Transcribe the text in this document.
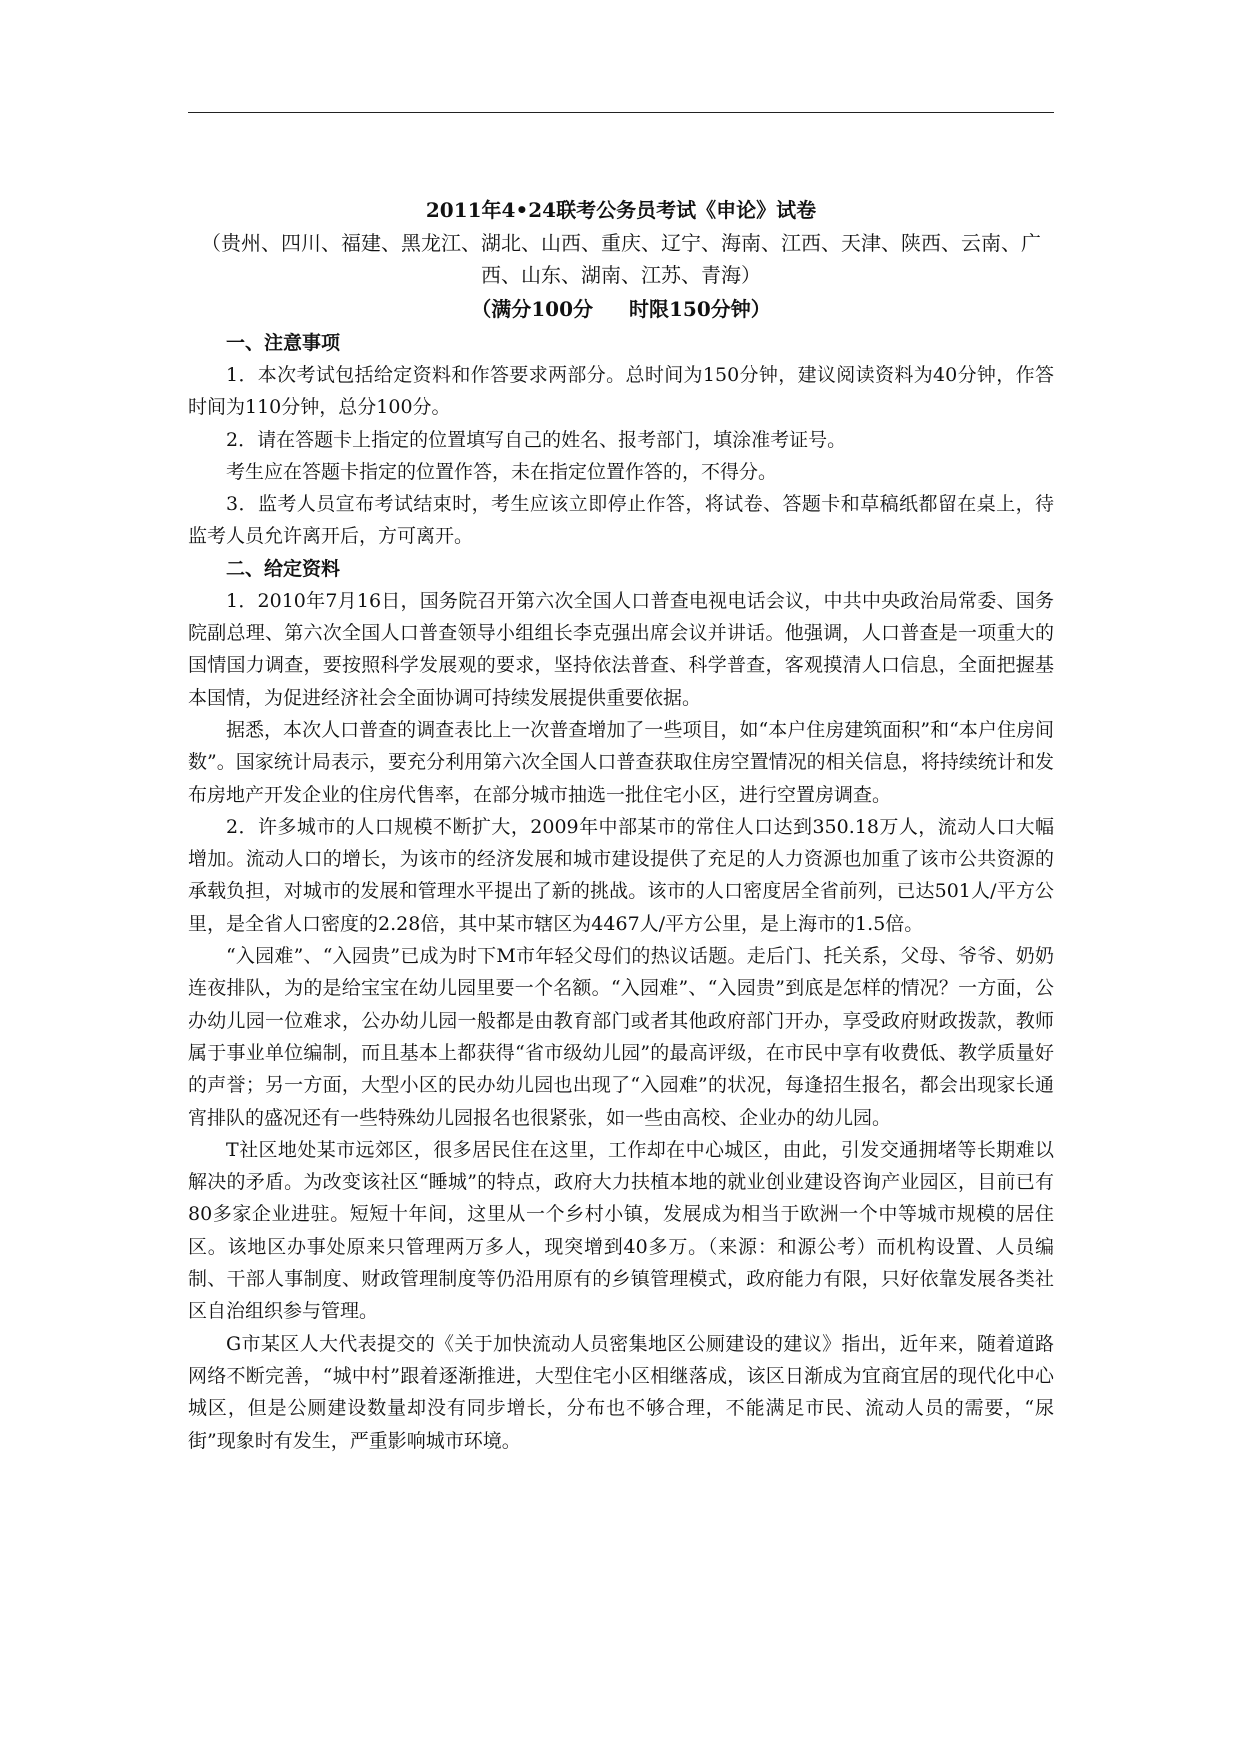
2011年4•24联考公务员考试《申论》试卷

（贵州、四川、福建、黑龙江、湖北、山西、重庆、辽宁、海南、江西、天津、陕西、云南、广西、山东、湖南、江苏、青海）

（满分100分 时限150分钟）

一、注意事项

1．本次考试包括给定资料和作答要求两部分。总时间为150分钟，建议阅读资料为40分钟，作答时间为110分钟，总分100分。

2．请在答题卡上指定的位置填写自己的姓名、报考部门，填涂准考证号。

考生应在答题卡指定的位置作答，未在指定位置作答的，不得分。

3．监考人员宣布考试结束时，考生应该立即停止作答，将试卷、答题卡和草稿纸都留在桌上，待监考人员允许离开后，方可离开。

二、给定资料

1．2010年7月16日，国务院召开第六次全国人口普查电视电话会议，中共中央政治局常委、国务院副总理、第六次全国人口普查领导小组组长李克强出席会议并讲话。他强调，人口普查是一项重大的国情国力调查，要按照科学发展观的要求，坚持依法普查、科学普查，客观摸清人口信息，全面把握基本国情，为促进经济社会全面协调可持续发展提供重要依据。

据悉，本次人口普查的调查表比上一次普查增加了一些项目，如“本户住房建筑面积”和“本户住房间数”。国家统计局表示，要充分利用第六次全国人口普查获取住房空置情况的相关信息，将持续统计和发布房地产开发企业的住房代售率，在部分城市抽选一批住宅小区，进行空置房调查。

2．许多城市的人口规模不断扩大，2009年中部某市的常住人口达到350.18万人，流动人口大幅增加。流动人口的增长，为该市的经济发展和城市建设提供了充足的人力资源也加重了该市公共资源的承载负担，对城市的发展和管理水平提出了新的挑战。该市的人口密度居全省前列，已达501人/平方公里，是全省人口密度的2.28倍，其中某市辖区为4467人/平方公里，是上海市的1.5倍。

“入园难”、“入园贵”已成为时下M市年轻父母们的热议话题。走后门、托关系，父母、爷爷、奶奶连夜排队，为的是给宝宝在幼儿园里要一个名额。“入园难”、“入园贵”到底是怎样的情况？一方面，公办幼儿园一位难求，公办幼儿园一般都是由教育部门或者其他政府部门开办，享受政府财政拨款，教师属于事业单位编制，而且基本上都获得“省市级幼儿园”的最高评级，在市民中享有收费低、教学质量好的声誉；另一方面，大型小区的民办幼儿园也出现了“入园难”的状况，每逢招生报名，都会出现家长通宵排队的盛况还有一些特殊幼儿园报名也很紧张，如一些由高校、企业办的幼儿园。

T社区地处某市远郊区，很多居民住在这里，工作却在中心城区，由此，引发交通拥堵等长期难以解决的矛盾。为改变该社区“睡城”的特点，政府大力扶植本地的就业创业建设咨询产业园区，目前已有80多家企业进驻。短短十年间，这里从一个乡村小镇，发展成为相当于欧洲一个中等城市规模的居住区。该地区办事处原来只管理两万多人，现突增到40多万。（来源：和源公考）而机构设置、人员编制、干部人事制度、财政管理制度等仍沿用原有的乡镇管理模式，政府能力有限，只好依靠发展各类社区自治组织参与管理。

G市某区人大代表提交的《关于加快流动人员密集地区公厕建设的建议》指出，近年来，随着道路网络不断完善，“城中村”跟着逐渐推进，大型住宅小区相继落成，该区日渐成为宜商宜居的现代化中心城区，但是公厕建设数量却没有同步增长，分布也不够合理，不能满足市民、流动人员的需要，“尿街”现象时有发生，严重影响城市环境。
